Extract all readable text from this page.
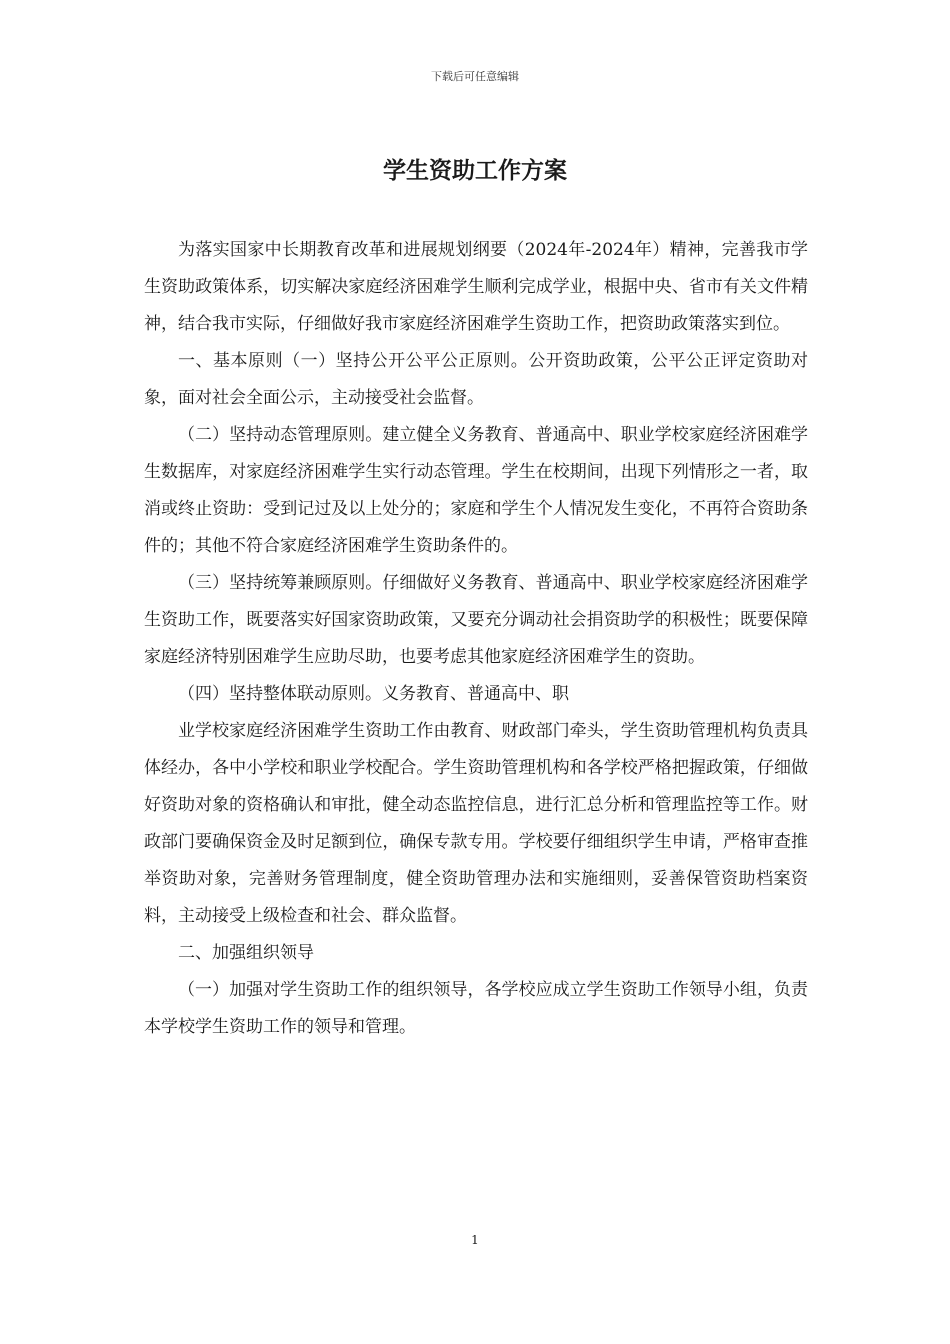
下载后可任意编辑
学生资助工作方案

为落实国家中长期教育改革和进展规划纲要（2024年-2024年）精神，完善我市学生资助政策体系，切实解决家庭经济困难学生顺利完成学业，根据中央、省市有关文件精神，结合我市实际，仔细做好我市家庭经济困难学生资助工作，把资助政策落实到位。

一、基本原则（一）坚持公开公平公正原则。公开资助政策，公平公正评定资助对象，面对社会全面公示，主动接受社会监督。

（二）坚持动态管理原则。建立健全义务教育、普通高中、职业学校家庭经济困难学生数据库，对家庭经济困难学生实行动态管理。学生在校期间，出现下列情形之一者，取消或终止资助：受到记过及以上处分的；家庭和学生个人情况发生变化，不再符合资助条件的；其他不符合家庭经济困难学生资助条件的。

（三）坚持统筹兼顾原则。仔细做好义务教育、普通高中、职业学校家庭经济困难学生资助工作，既要落实好国家资助政策，又要充分调动社会捐资助学的积极性；既要保障家庭经济特别困难学生应助尽助，也要考虑其他家庭经济困难学生的资助。

（四）坚持整体联动原则。义务教育、普通高中、职

业学校家庭经济困难学生资助工作由教育、财政部门牵头，学生资助管理机构负责具体经办，各中小学校和职业学校配合。学生资助管理机构和各学校严格把握政策，仔细做好资助对象的资格确认和审批，健全动态监控信息，进行汇总分析和管理监控等工作。财政部门要确保资金及时足额到位，确保专款专用。学校要仔细组织学生申请，严格审查推举资助对象，完善财务管理制度，健全资助管理办法和实施细则，妥善保管资助档案资料，主动接受上级检查和社会、群众监督。

二、加强组织领导

（一）加强对学生资助工作的组织领导，各学校应成立学生资助工作领导小组，负责本学校学生资助工作的领导和管理。

1
